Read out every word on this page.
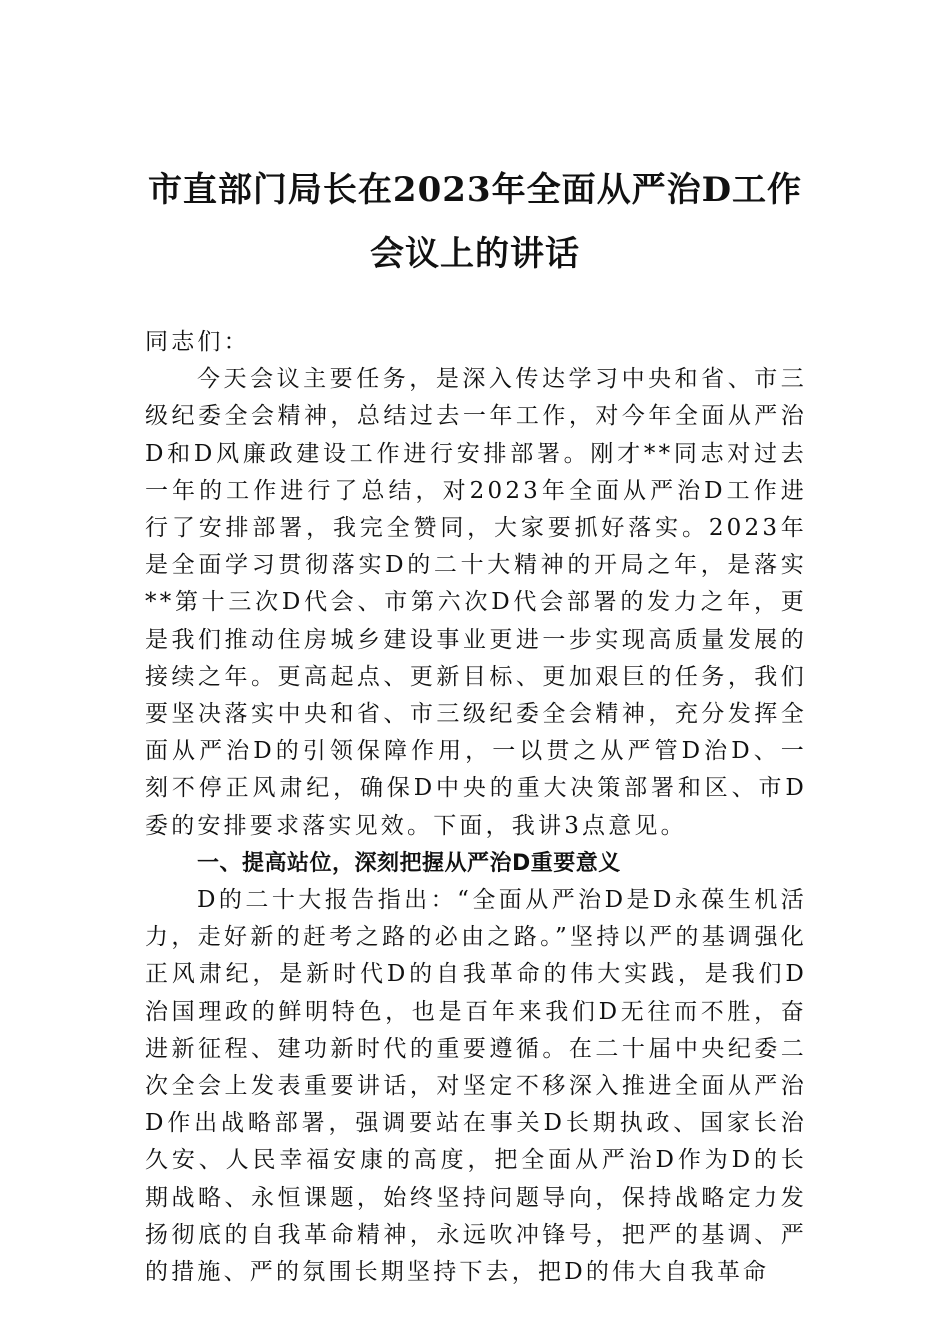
市直部门局长在2023年全面从严治D工作
会议上的讲话

同志们：

今天会议主要任务，是深入传达学习中央和省、市三级纪委全会精神，总结过去一年工作，对今年全面从严治D和D风廉政建设工作进行安排部署。刚才**同志对过去一年的工作进行了总结，对2023年全面从严治D工作进行了安排部署，我完全赞同，大家要抓好落实。2023年是全面学习贯彻落实D的二十大精神的开局之年，是落实**第十三次D代会、市第六次D代会部署的发力之年，更是我们推动住房城乡建设事业更进一步实现高质量发展的接续之年。更高起点、更新目标、更加艰巨的任务，我们要坚决落实中央和省、市三级纪委全会精神，充分发挥全面从严治D的引领保障作用，一以贯之从严管D治D、一刻不停正风肃纪，确保D中央的重大决策部署和区、市D委的安排要求落实见效。下面，我讲3点意见。

一、提高站位，深刻把握从严治D重要意义

D的二十大报告指出：“全面从严治D是D永葆生机活力，走好新的赶考之路的必由之路。”坚持以严的基调强化正风肃纪，是新时代D的自我革命的伟大实践，是我们D治国理政的鲜明特色，也是百年来我们D无往而不胜，奋进新征程、建功新时代的重要遵循。在二十届中央纪委二次全会上发表重要讲话，对坚定不移深入推进全面从严治D作出战略部署，强调要站在事关D长期执政、国家长治久安、人民幸福安康的高度，把全面从严治D作为D的长期战略、永恒课题，始终坚持问题导向，保持战略定力发扬彻底的自我革命精神，永远吹冲锋号，把严的基调、严的措施、严的氛围长期坚持下去，把D的伟大自我革命
